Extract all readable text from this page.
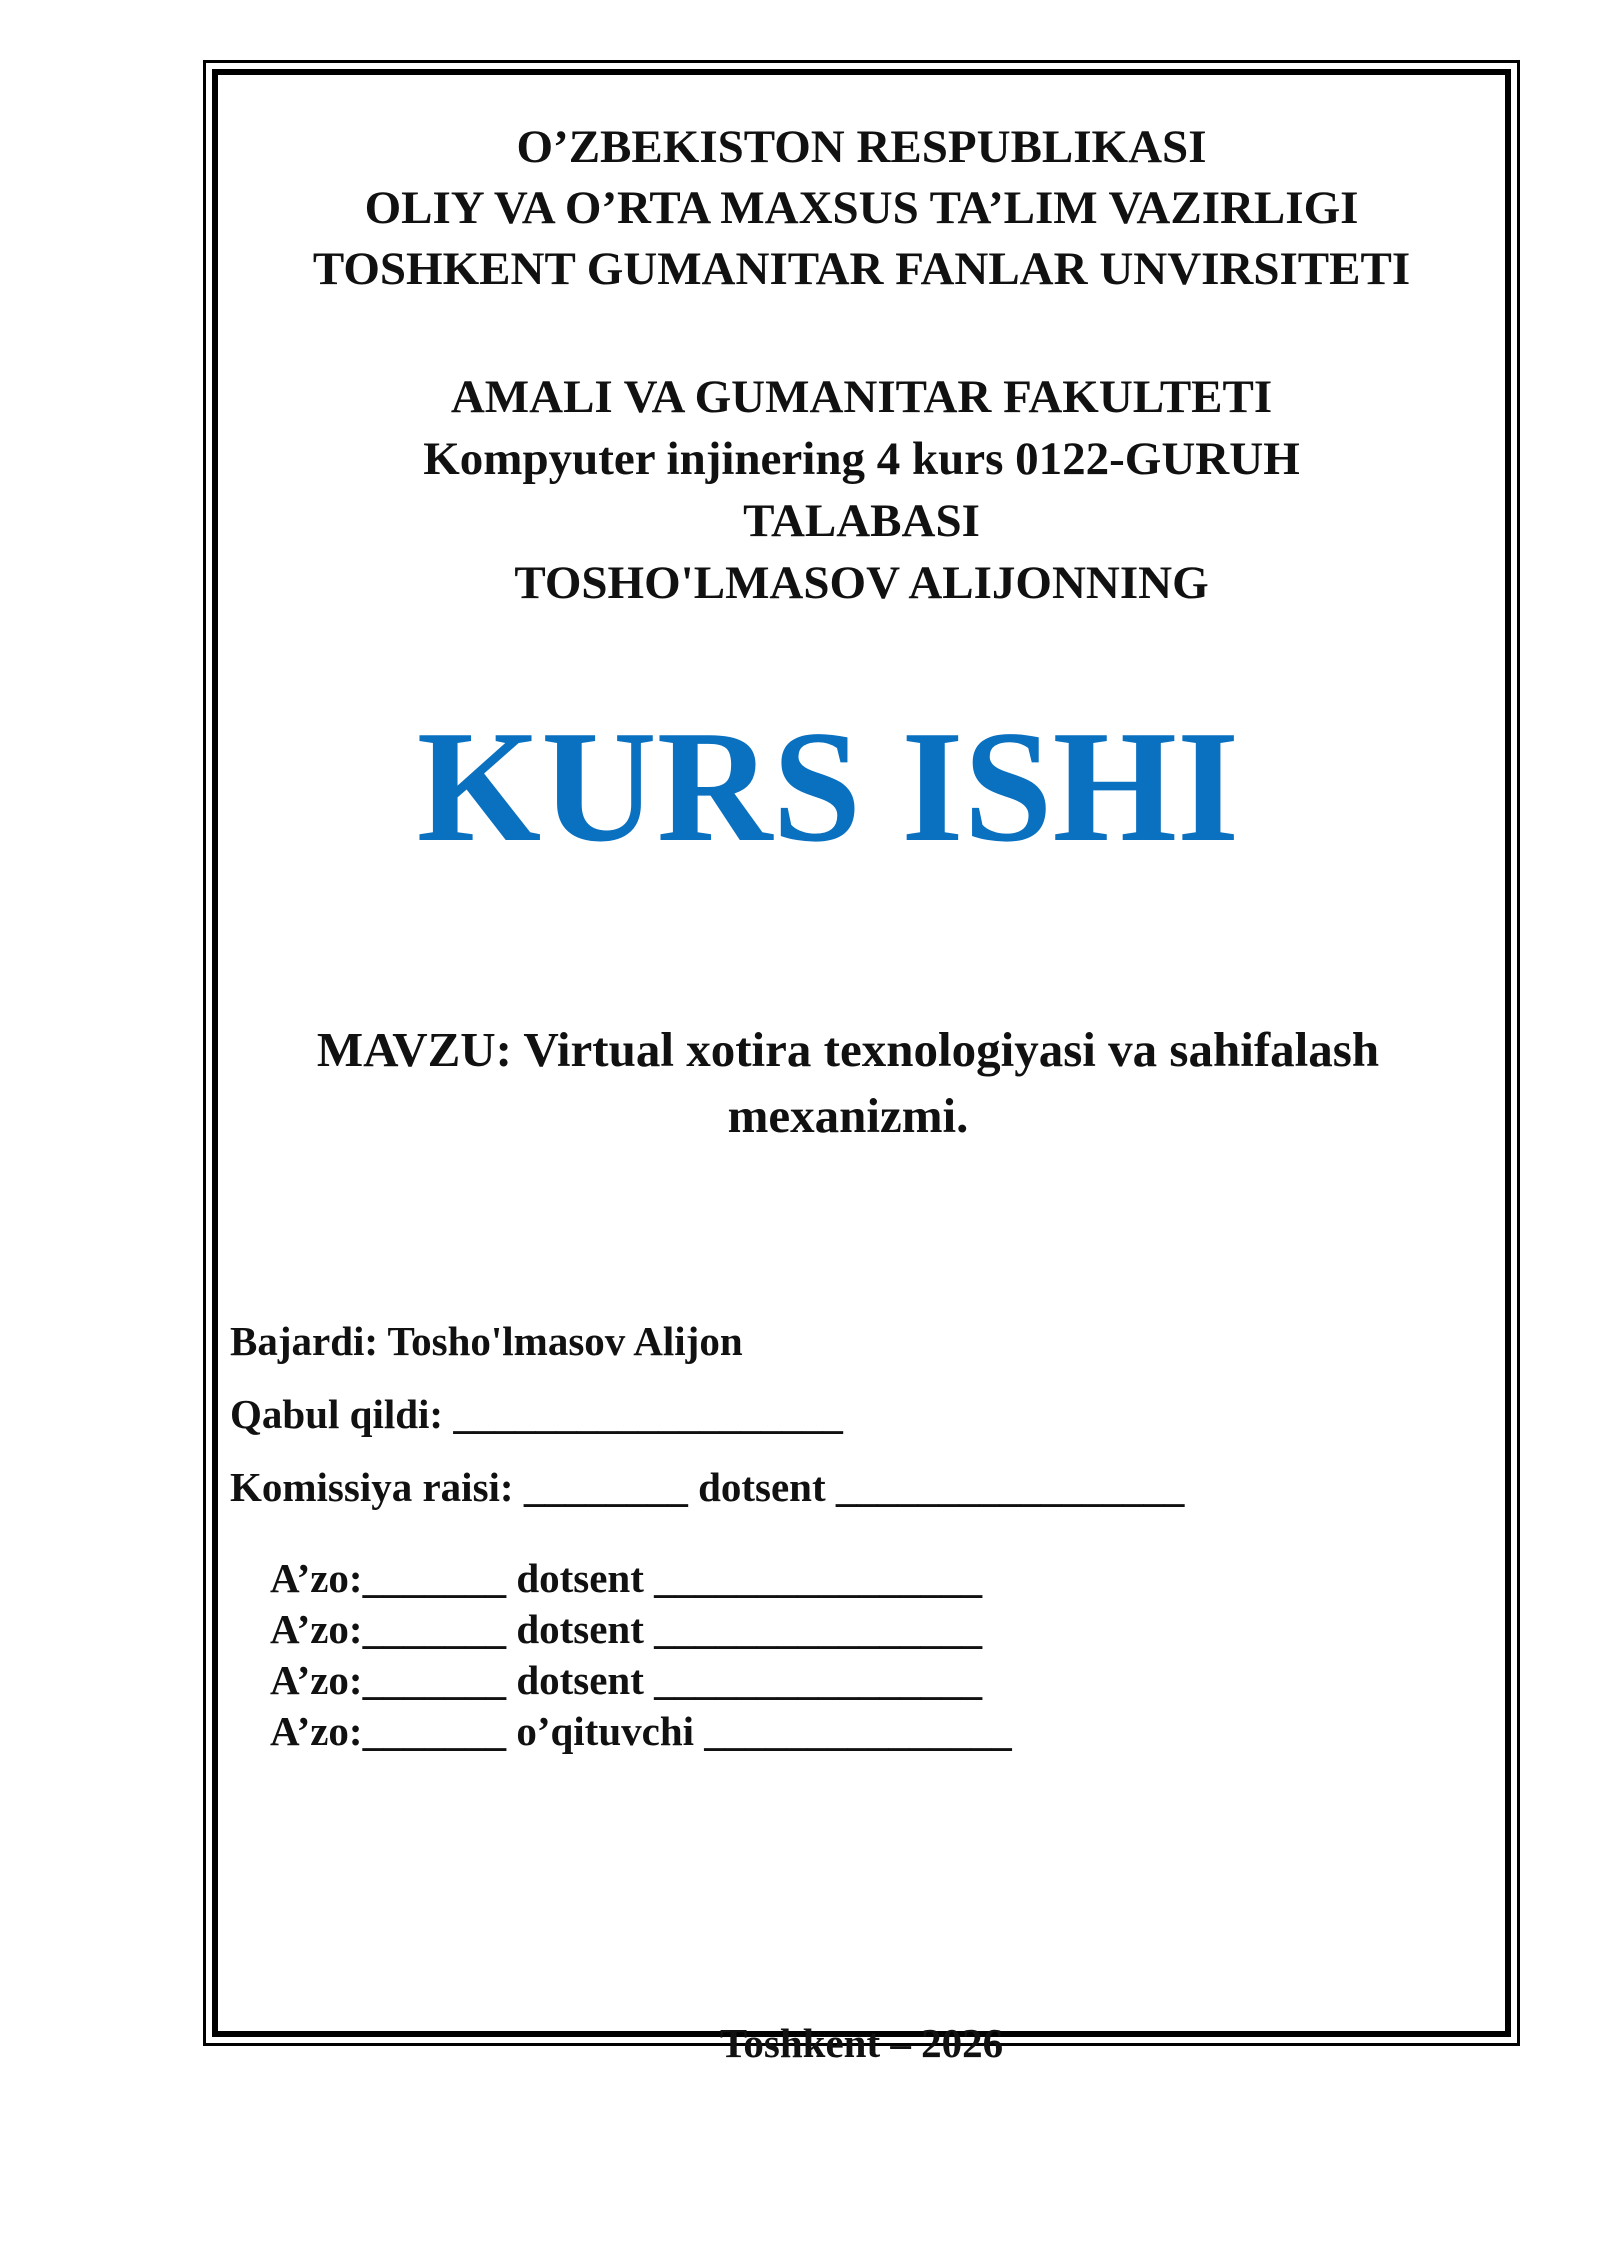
O’ZBEKISTON RESPUBLIKASI
OLIY VA O’RTA MAXSUS TA’LIM VAZIRLIGI
TOSHKENT GUMANITAR FANLAR UNVIRSITETI
AMALI VA GUMANITAR FAKULTETI
Kompyuter injinering 4 kurs 0122-GURUH
TALABASI
TOSHO'LMASOV ALIJONNING
KURS ISHI
MAVZU: Virtual xotira texnologiyasi va sahifalash
mexanizmi.
Bajardi: Tosho'lmasov Alijon
Qabul qildi: ___________________
Komissiya raisi: ________ dotsent _________________
A’zo:_______ dotsent ________________
A’zo:_______ dotsent ________________
A’zo:_______ dotsent ________________
A’zo:_______ o’qituvchi _______________
Toshkent – 2026
